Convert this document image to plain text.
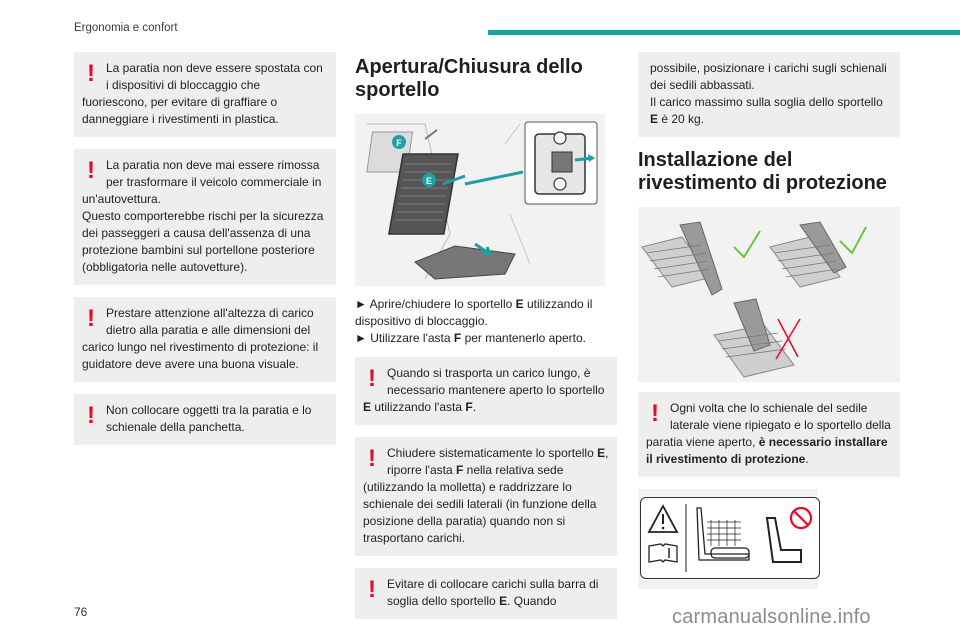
Ergonomia e confort
! La paratia non deve essere spostata con i dispositivi di bloccaggio che fuoriescono, per evitare di graffiare o danneggiare i rivestimenti in plastica.

! La paratia non deve mai essere rimossa per trasformare il veicolo commerciale in un'autovettura.

Questo comporterebbe rischi per la sicurezza dei passeggeri a causa dell'assenza di una protezione bambini sul portellone posteriore (obbligatoria nelle autovetture).

! Prestare attenzione all'altezza di carico dietro alla paratia e alle dimensioni del carico lungo nel rivestimento di protezione: il guidatore deve avere una buona visuale.

! Non collocare oggetti tra la paratia e lo schienale della panchetta.

Apertura/Chiusura dello sportello
F
E
► Aprire/chiudere lo sportello E utilizzando il dispositivo di bloccaggio.
► Utilizzare l'asta F per mantenerlo aperto.
! Quando si trasporta un carico lungo, è necessario mantenere aperto lo sportello E utilizzando l'asta F.

! Chiudere sistematicamente lo sportello E, riporre l'asta F nella relativa sede (utilizzando la molletta) e raddrizzare lo schienale dei sedili laterali (in funzione della posizione della paratia) quando non si trasportano carichi.

! Evitare di collocare carichi sulla barra di soglia dello sportello E. Quando

possibile, posizionare i carichi sugli schienali dei sedili abbassati.

Il carico massimo sulla soglia dello sportello E è 20 kg.

Installazione del rivestimento di protezione
! Ogni volta che lo schienale del sedile laterale viene ripiegato e lo sportello della paratia viene aperto, è necessario installare il rivestimento di protezione.

76	carmanualsonline.info
